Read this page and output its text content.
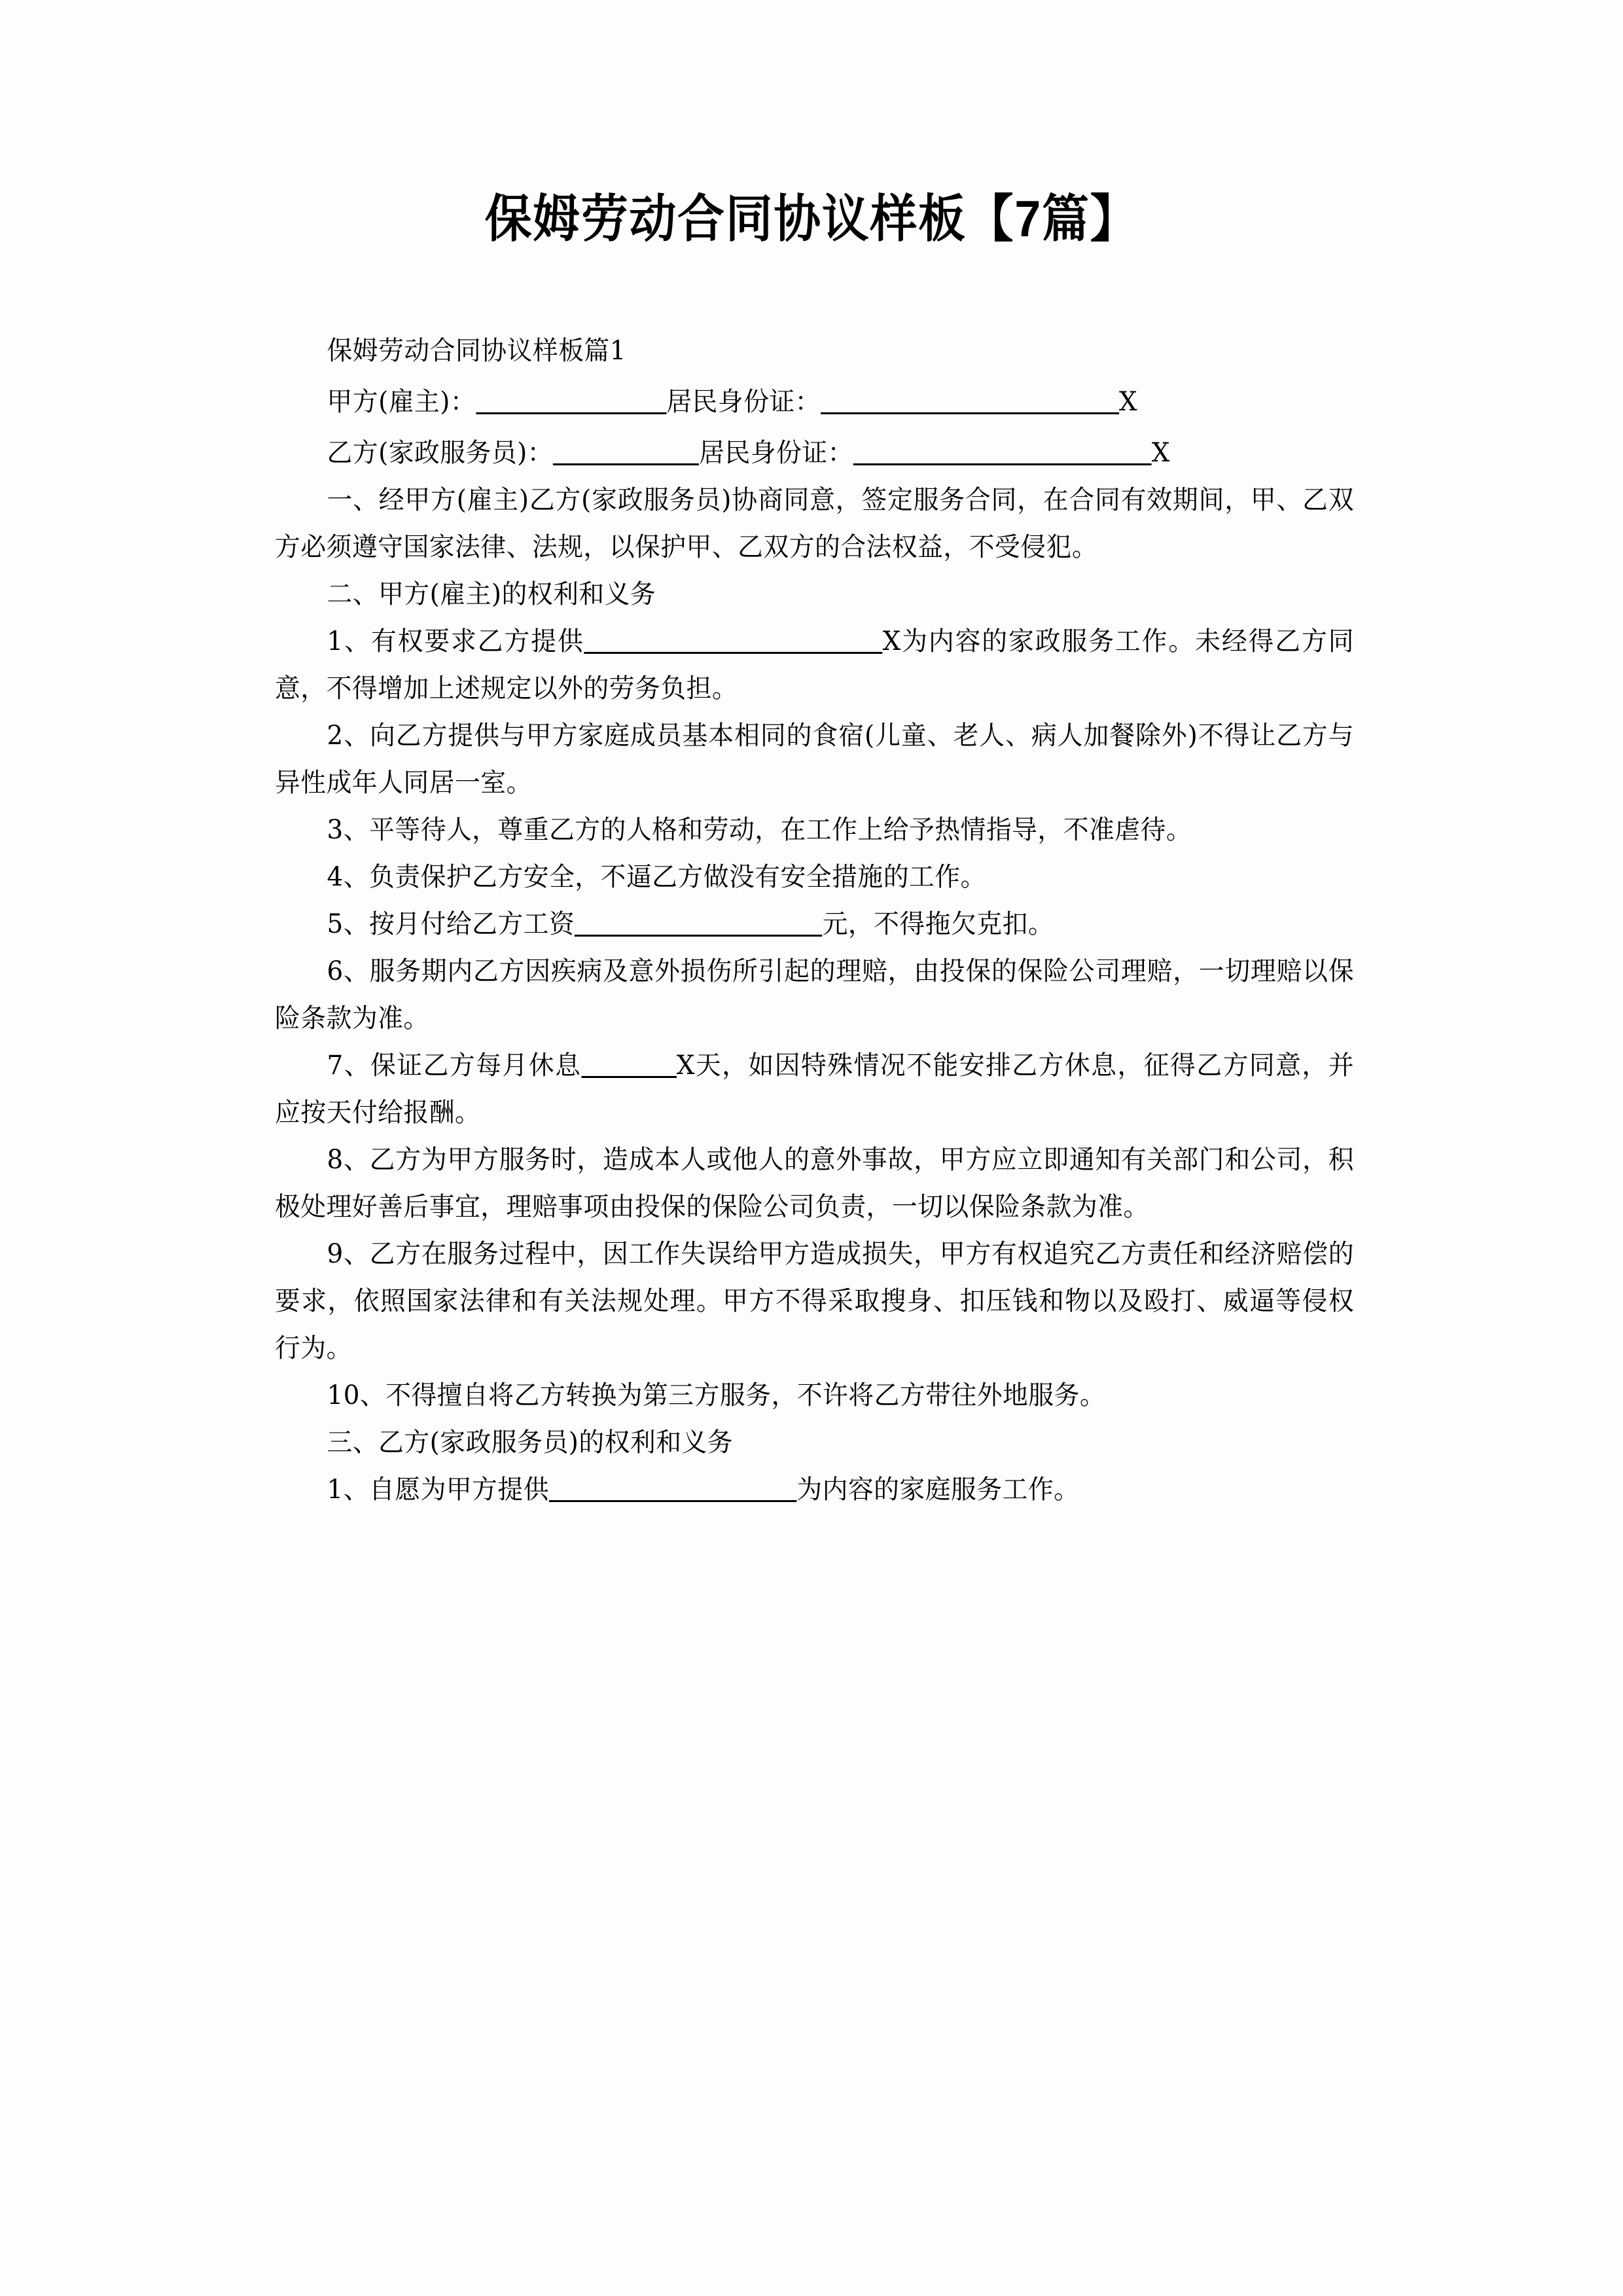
保姆劳动合同协议样板【7篇】

保姆劳动合同协议样板篇1

甲方(雇主)：	居民身份证：	X

乙方(家政服务员)：	居民身份证：	X

一、经甲方(雇主)乙方(家政服务员)协商同意，签定服务合同，在合同有效期间，甲、乙双方必须遵守国家法律、法规，以保护甲、乙双方的合法权益，不受侵犯。

二、甲方(雇主)的权利和义务

1、有权要求乙方提供	X为内容的家政服务工作。未经得乙方同意，不得增加上述规定以外的劳务负担。

2、向乙方提供与甲方家庭成员基本相同的食宿(儿童、老人、病人加餐除外)不得让乙方与异性成年人同居一室。

3、平等待人，尊重乙方的人格和劳动，在工作上给予热情指导，不准虐待。

4、负责保护乙方安全，不逼乙方做没有安全措施的工作。

5、按月付给乙方工资	元，不得拖欠克扣。

6、服务期内乙方因疾病及意外损伤所引起的理赔，由投保的保险公司理赔，一切理赔以保险条款为准。

7、保证乙方每月休息	X天，如因特殊情况不能安排乙方休息，征得乙方同意，并应按天付给报酬。

8、乙方为甲方服务时，造成本人或他人的意外事故，甲方应立即通知有关部门和公司，积极处理好善后事宜，理赔事项由投保的保险公司负责，一切以保险条款为准。

9、乙方在服务过程中，因工作失误给甲方造成损失，甲方有权追究乙方责任和经济赔偿的要求，依照国家法律和有关法规处理。甲方不得采取搜身、扣压钱和物以及殴打、威逼等侵权行为。

10、不得擅自将乙方转换为第三方服务，不许将乙方带往外地服务。

三、乙方(家政服务员)的权利和义务

1、自愿为甲方提供	为内容的家庭服务工作。
